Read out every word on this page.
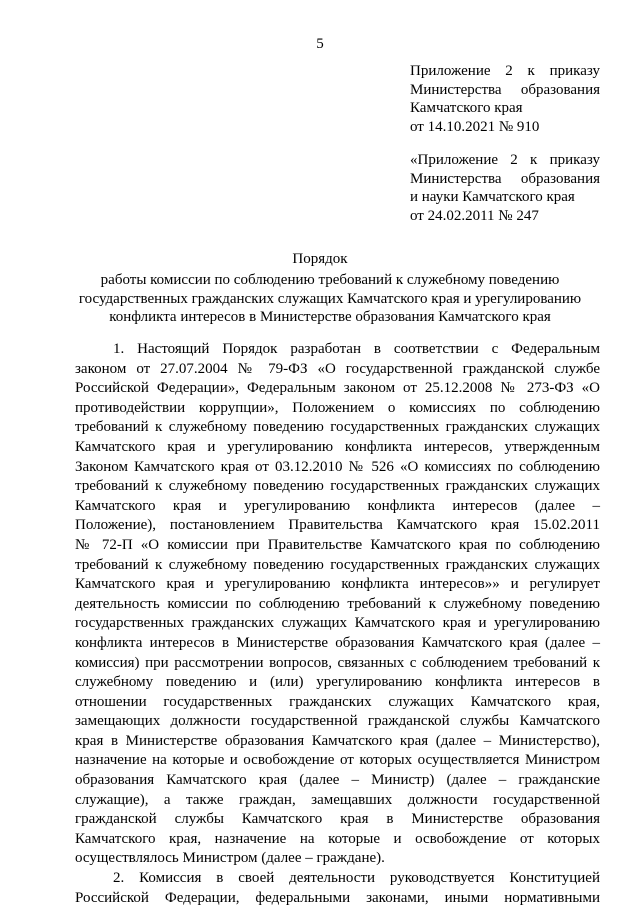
5
Приложение 2 к приказу
Министерства образования
Камчатского края
от 14.10.2021 № 910
«Приложение 2 к приказу
Министерства образования
и науки Камчатского края
от 24.02.2011 № 247
Порядок
работы комиссии по соблюдению требований к служебному поведению
государственных гражданских служащих Камчатского края и урегулированию
конфликта интересов в Министерстве образования Камчатского края
1. Настоящий Порядок разработан в соответствии с Федеральным
законом от 27.07.2004 № 79-ФЗ «О государственной гражданской службе
Российской Федерации», Федеральным законом от 25.12.2008 № 273-ФЗ «О
противодействии коррупции», Положением о комиссиях по соблюдению
требований к служебному поведению государственных гражданских служащих
Камчатского края и урегулированию конфликта интересов, утвержденным
Законом Камчатского края от 03.12.2010 № 526 «О комиссиях по соблюдению
требований к служебному поведению государственных гражданских служащих
Камчатского края и урегулированию конфликта интересов (далее –
Положение), постановлением Правительства Камчатского края 15.02.2011
№ 72-П «О комиссии при Правительстве Камчатского края по соблюдению
требований к служебному поведению государственных гражданских служащих
Камчатского края и урегулированию конфликта интересов»» и регулирует
деятельность комиссии по соблюдению требований к служебному поведению
государственных гражданских служащих Камчатского края и урегулированию
конфликта интересов в Министерстве образования Камчатского края (далее –
комиссия) при рассмотрении вопросов, связанных с соблюдением требований к
служебному поведению и (или) урегулированию конфликта интересов в
отношении государственных гражданских служащих Камчатского края,
замещающих должности государственной гражданской службы Камчатского
края в Министерстве образования Камчатского края (далее – Министерство),
назначение на которые и освобождение от которых осуществляется Министром
образования Камчатского края (далее – Министр) (далее – гражданские
служащие), а также граждан, замещавших должности государственной
гражданской службы Камчатского края в Министерстве образования
Камчатского края, назначение на которые и освобождение от которых
осуществлялось Министром (далее – граждане).
2. Комиссия в своей деятельности руководствуется Конституцией
Российской Федерации, федеральными законами, иными нормативными
